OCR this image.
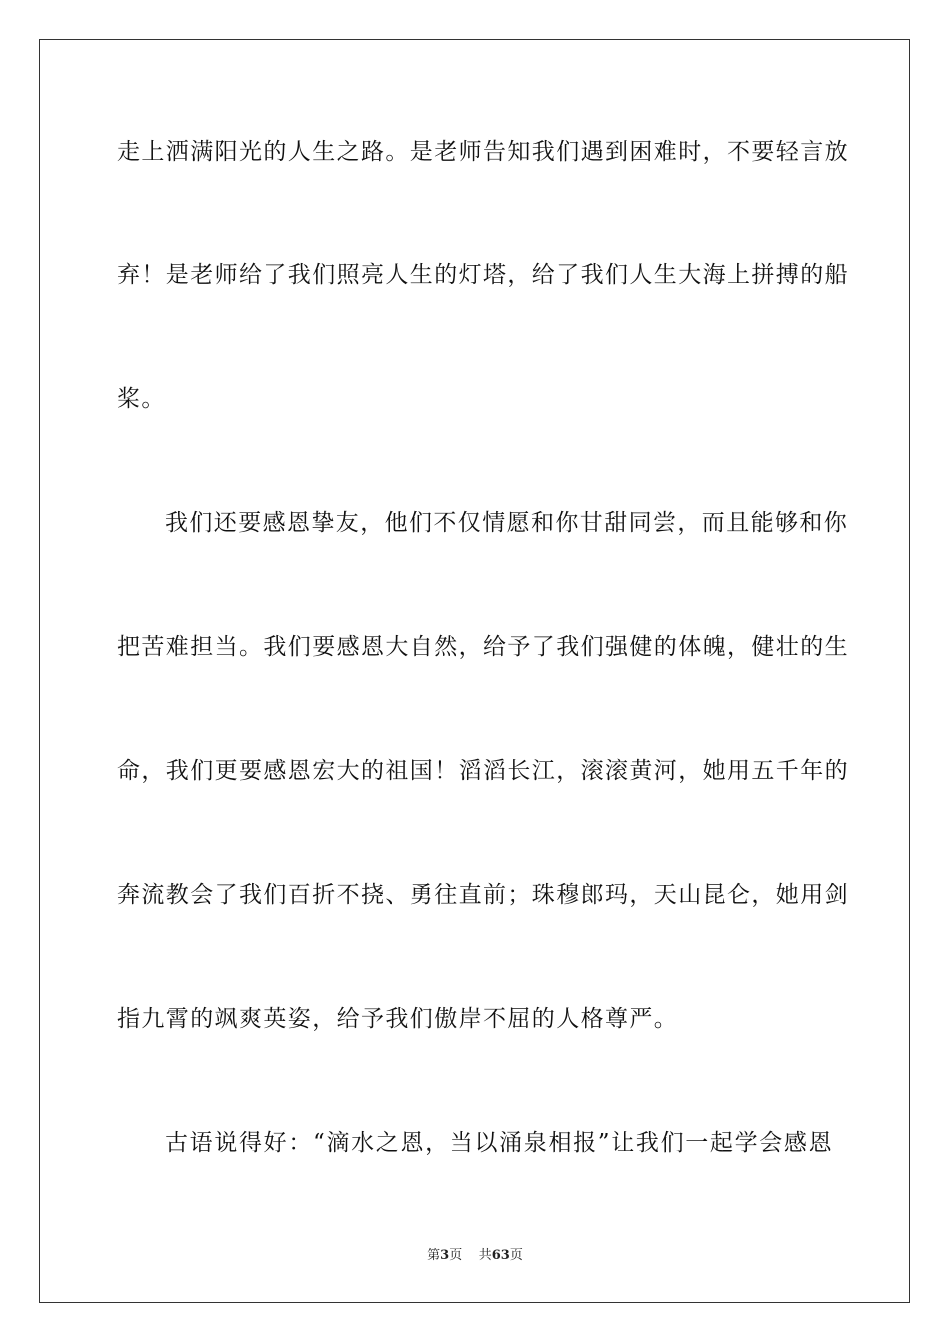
走上洒满阳光的人生之路。是老师告知我们遇到困难时，不要轻言放
弃！是老师给了我们照亮人生的灯塔，给了我们人生大海上拼搏的船
桨。
我们还要感恩挚友，他们不仅情愿和你甘甜同尝，而且能够和你
把苦难担当。我们要感恩大自然，给予了我们强健的体魄，健壮的生
命，我们更要感恩宏大的祖国！滔滔长江，滚滚黄河，她用五千年的
奔流教会了我们百折不挠、勇往直前；珠穆郎玛，天山昆仑，她用剑
指九霄的飒爽英姿，给予我们傲岸不屈的人格尊严。
古语说得好：“滴水之恩，当以涌泉相报”让我们一起学会感恩
第3页 共63页
